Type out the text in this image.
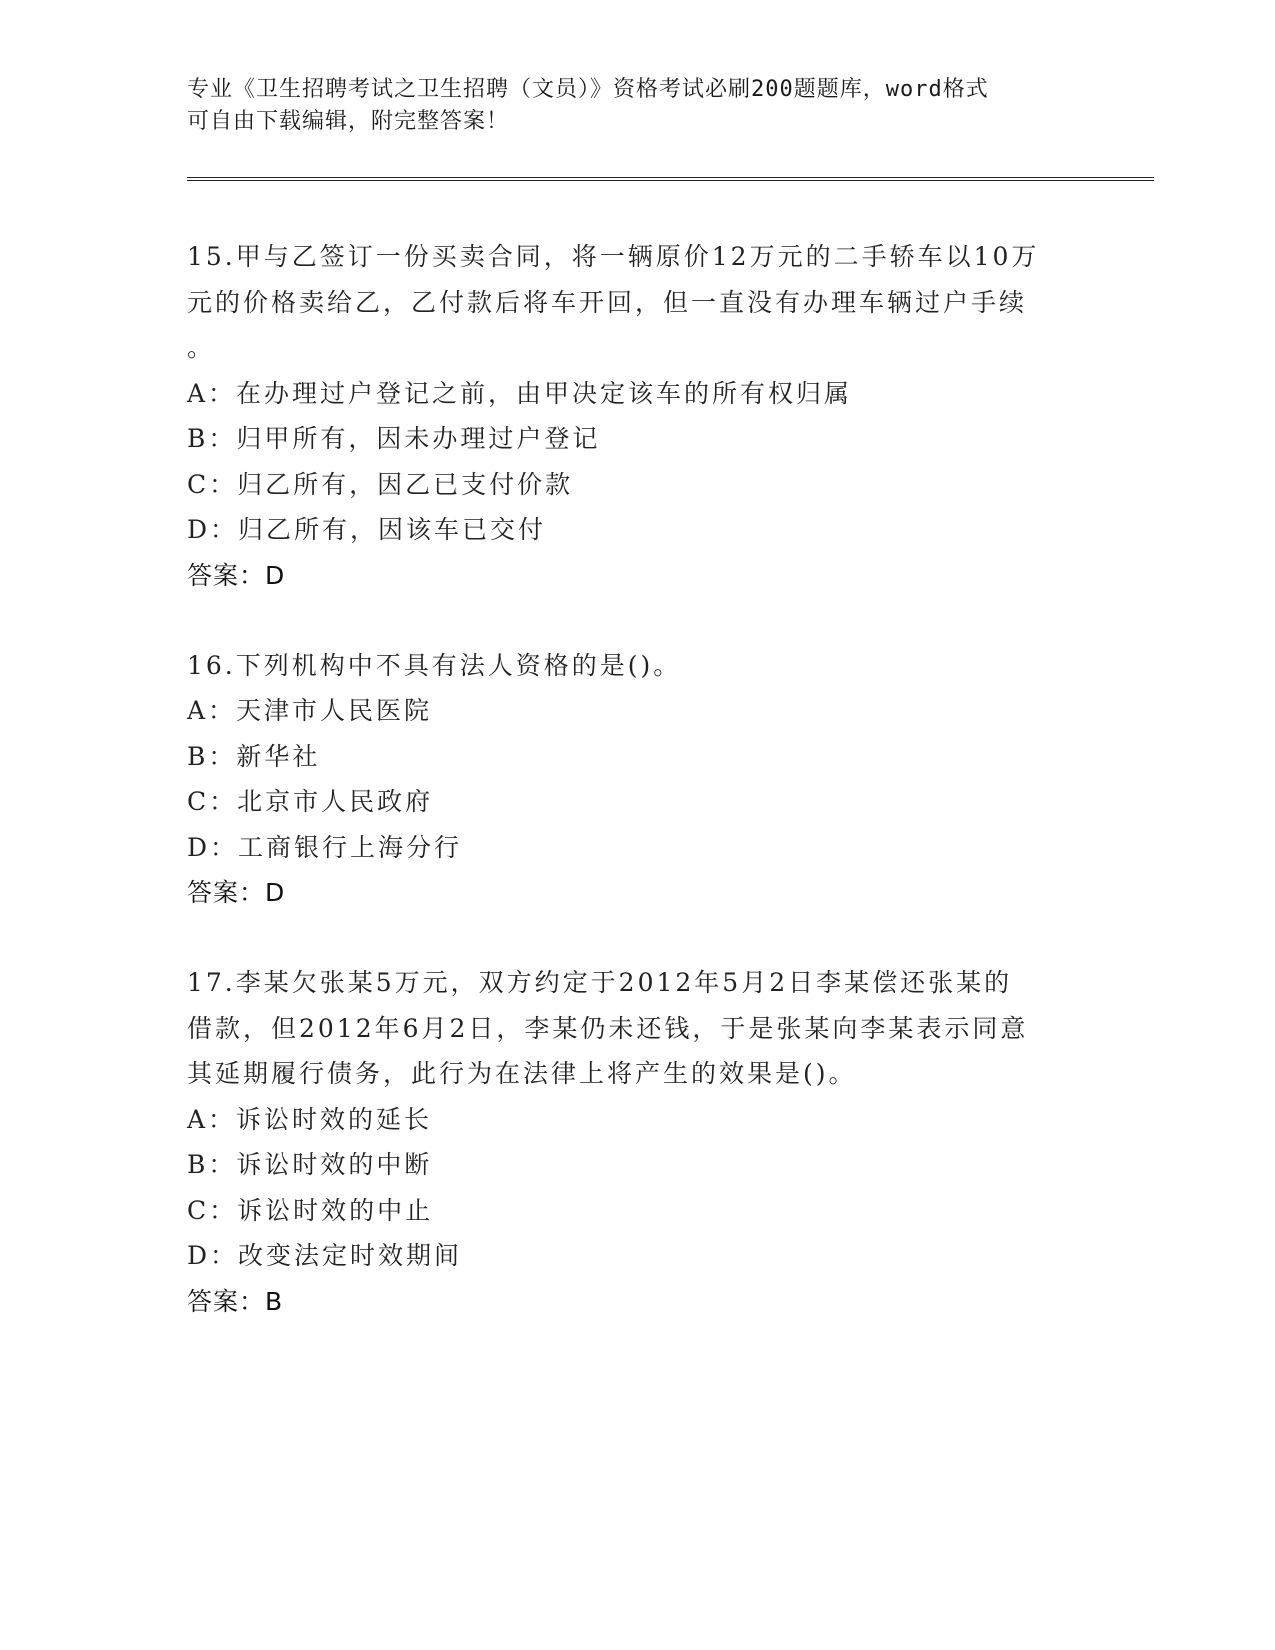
专业《卫生招聘考试之卫生招聘（文员）》资格考试必刷200题题库，word格式
可自由下载编辑，附完整答案！
15.甲与乙签订一份买卖合同，将一辆原价12万元的二手轿车以10万
元的价格卖给乙，乙付款后将车开回，但一直没有办理车辆过户手续
。
A：在办理过户登记之前，由甲决定该车的所有权归属
B：归甲所有，因未办理过户登记
C：归乙所有，因乙已支付价款
D：归乙所有，因该车已交付
答案：D
16.下列机构中不具有法人资格的是()。
A：天津市人民医院
B：新华社
C：北京市人民政府
D：工商银行上海分行
答案：D
17.李某欠张某5万元，双方约定于2012年5月2日李某偿还张某的
借款，但2012年6月2日，李某仍未还钱，于是张某向李某表示同意
其延期履行债务，此行为在法律上将产生的效果是()。
A：诉讼时效的延长
B：诉讼时效的中断
C：诉讼时效的中止
D：改变法定时效期间
答案：B
